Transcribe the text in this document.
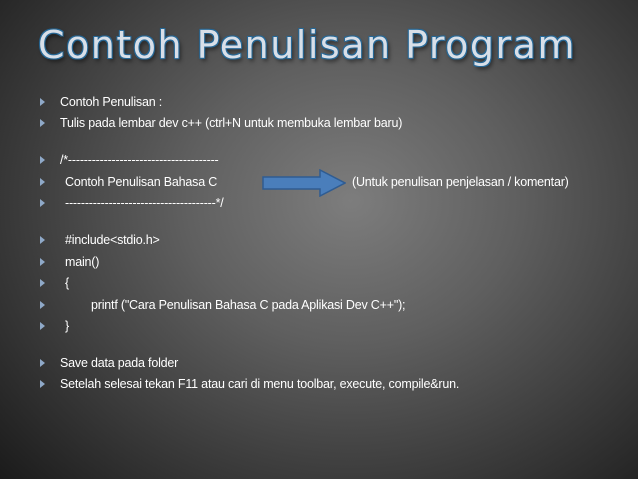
Contoh Penulisan Program
Contoh Penulisan :
Tulis pada lembar dev c++ (ctrl+N untuk membuka lembar baru)
/*--------------------------------------
Contoh Penulisan Bahasa C
--------------------------------------*/
(Untuk penulisan penjelasan / komentar)
#include<stdio.h>
main()
{
printf ("Cara Penulisan Bahasa C pada Aplikasi Dev C++");
}
Save data pada folder
Setelah selesai tekan F11 atau cari di menu toolbar, execute, compile&run.
